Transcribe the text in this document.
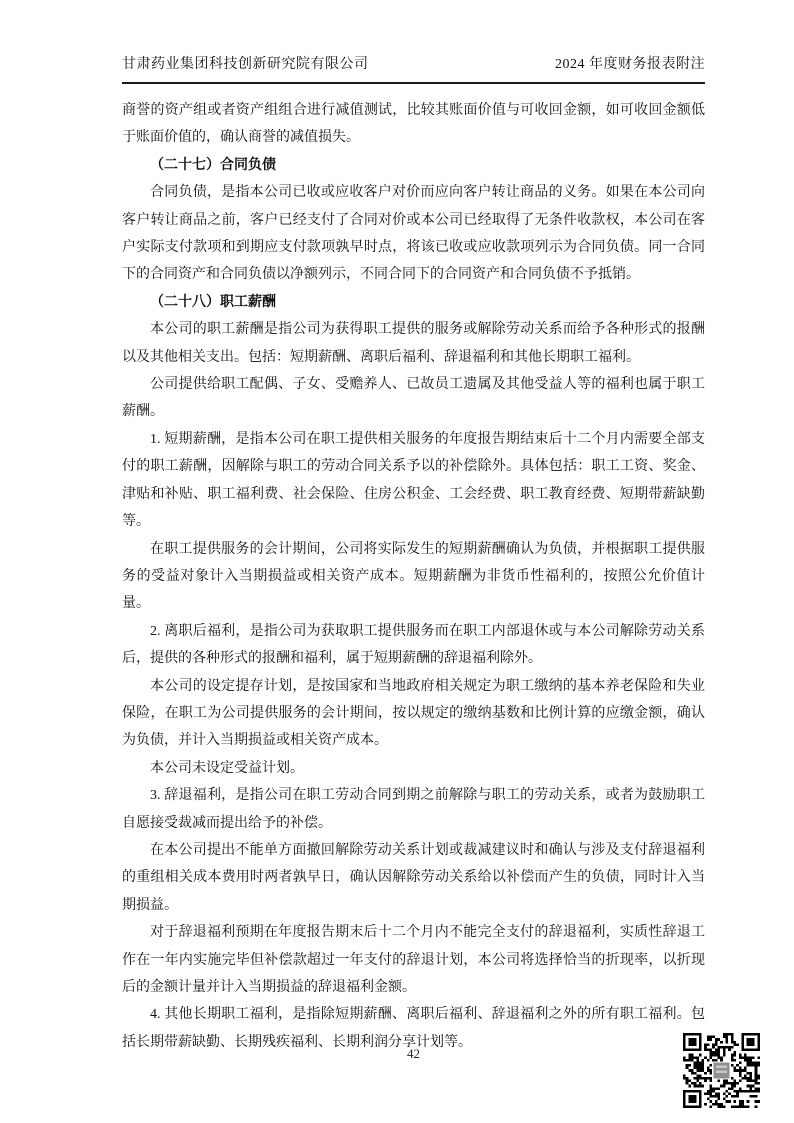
甘肃药业集团科技创新研究院有限公司	2024 年度财务报表附注

商誉的资产组或者资产组组合进行减值测试，比较其账面价值与可收回金额，如可收回金额低于账面价值的，确认商誉的减值损失。

（二十七）合同负债

合同负债，是指本公司已收或应收客户对价而应向客户转让商品的义务。如果在本公司向客户转让商品之前，客户已经支付了合同对价或本公司已经取得了无条件收款权，本公司在客户实际支付款项和到期应支付款项孰早时点，将该已收或应收款项列示为合同负债。同一合同下的合同资产和合同负债以净额列示，不同合同下的合同资产和合同负债不予抵销。

（二十八）职工薪酬

本公司的职工薪酬是指公司为获得职工提供的服务或解除劳动关系而给予各种形式的报酬以及其他相关支出。包括：短期薪酬、离职后福利、辞退福利和其他长期职工福利。

公司提供给职工配偶、子女、受赡养人、已故员工遗属及其他受益人等的福利也属于职工薪酬。

1. 短期薪酬，是指本公司在职工提供相关服务的年度报告期结束后十二个月内需要全部支付的职工薪酬，因解除与职工的劳动合同关系予以的补偿除外。具体包括：职工工资、奖金、津贴和补贴、职工福利费、社会保险、住房公积金、工会经费、职工教育经费、短期带薪缺勤等。

在职工提供服务的会计期间，公司将实际发生的短期薪酬确认为负债，并根据职工提供服务的受益对象计入当期损益或相关资产成本。短期薪酬为非货币性福利的，按照公允价值计量。

2. 离职后福利，是指公司为获取职工提供服务而在职工内部退休或与本公司解除劳动关系后，提供的各种形式的报酬和福利，属于短期薪酬的辞退福利除外。

本公司的设定提存计划，是按国家和当地政府相关规定为职工缴纳的基本养老保险和失业保险，在职工为公司提供服务的会计期间，按以规定的缴纳基数和比例计算的应缴金额，确认为负债，并计入当期损益或相关资产成本。

本公司未设定受益计划。

3. 辞退福利，是指公司在职工劳动合同到期之前解除与职工的劳动关系，或者为鼓励职工自愿接受裁减而提出给予的补偿。

在本公司提出不能单方面撤回解除劳动关系计划或裁减建议时和确认与涉及支付辞退福利的重组相关成本费用时两者孰早日，确认因解除劳动关系给以补偿而产生的负债，同时计入当期损益。

对于辞退福利预期在年度报告期末后十二个月内不能完全支付的辞退福利，实质性辞退工作在一年内实施完毕但补偿款超过一年支付的辞退计划，本公司将选择恰当的折现率，以折现后的金额计量并计入当期损益的辞退福利金额。

4. 其他长期职工福利，是指除短期薪酬、离职后福利、辞退福利之外的所有职工福利。包括长期带薪缺勤、长期残疾福利、长期利润分享计划等。

42
